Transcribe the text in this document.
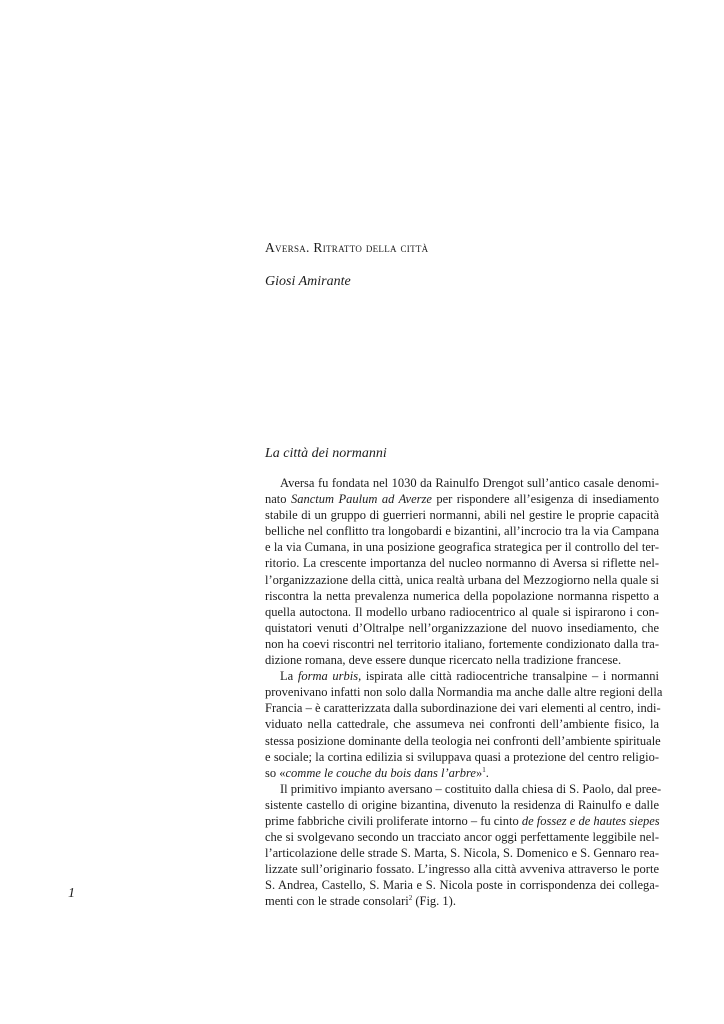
Aversa. Ritratto della città
Giosi Amirante
La città dei normanni
Aversa fu fondata nel 1030 da Rainulfo Drengot sull’antico casale denomi-
nato Sanctum Paulum ad Averze per rispondere all’esigenza di insediamento
stabile di un gruppo di guerrieri normanni, abili nel gestire le proprie capacità
belliche nel conflitto tra longobardi e bizantini, all’incrocio tra la via Campana
e la via Cumana, in una posizione geografica strategica per il controllo del ter-
ritorio. La crescente importanza del nucleo normanno di Aversa si riflette nel-
l’organizzazione della città, unica realtà urbana del Mezzogiorno nella quale si
riscontra la netta prevalenza numerica della popolazione normanna rispetto a
quella autoctona. Il modello urbano radiocentrico al quale si ispirarono i con-
quistatori venuti d’Oltralpe nell’organizzazione del nuovo insediamento, che
non ha coevi riscontri nel territorio italiano, fortemente condizionato dalla tra-
dizione romana, deve essere dunque ricercato nella tradizione francese.
La forma urbis, ispirata alle città radiocentriche transalpine – i normanni
provenivano infatti non solo dalla Normandia ma anche dalle altre regioni della
Francia – è caratterizzata dalla subordinazione dei vari elementi al centro, indi-
viduato nella cattedrale, che assumeva nei confronti dell’ambiente fisico, la
stessa posizione dominante della teologia nei confronti dell’ambiente spirituale
e sociale; la cortina edilizia si sviluppava quasi a protezione del centro religio-
so «comme le couche du bois dans l’arbre»$^1$.
Il primitivo impianto aversano – costituito dalla chiesa di S. Paolo, dal pree-
sistente castello di origine bizantina, divenuto la residenza di Rainulfo e dalle
prime fabbriche civili proliferate intorno – fu cinto de fossez e de hautes siepes
che si svolgevano secondo un tracciato ancor oggi perfettamente leggibile nel-
l’articolazione delle strade S. Marta, S. Nicola, S. Domenico e S. Gennaro rea-
lizzate sull’originario fossato. L’ingresso alla città avveniva attraverso le porte
S. Andrea, Castello, S. Maria e S. Nicola poste in corrispondenza dei collega-
menti con le strade consolari$^2$ (Fig. 1).
1
